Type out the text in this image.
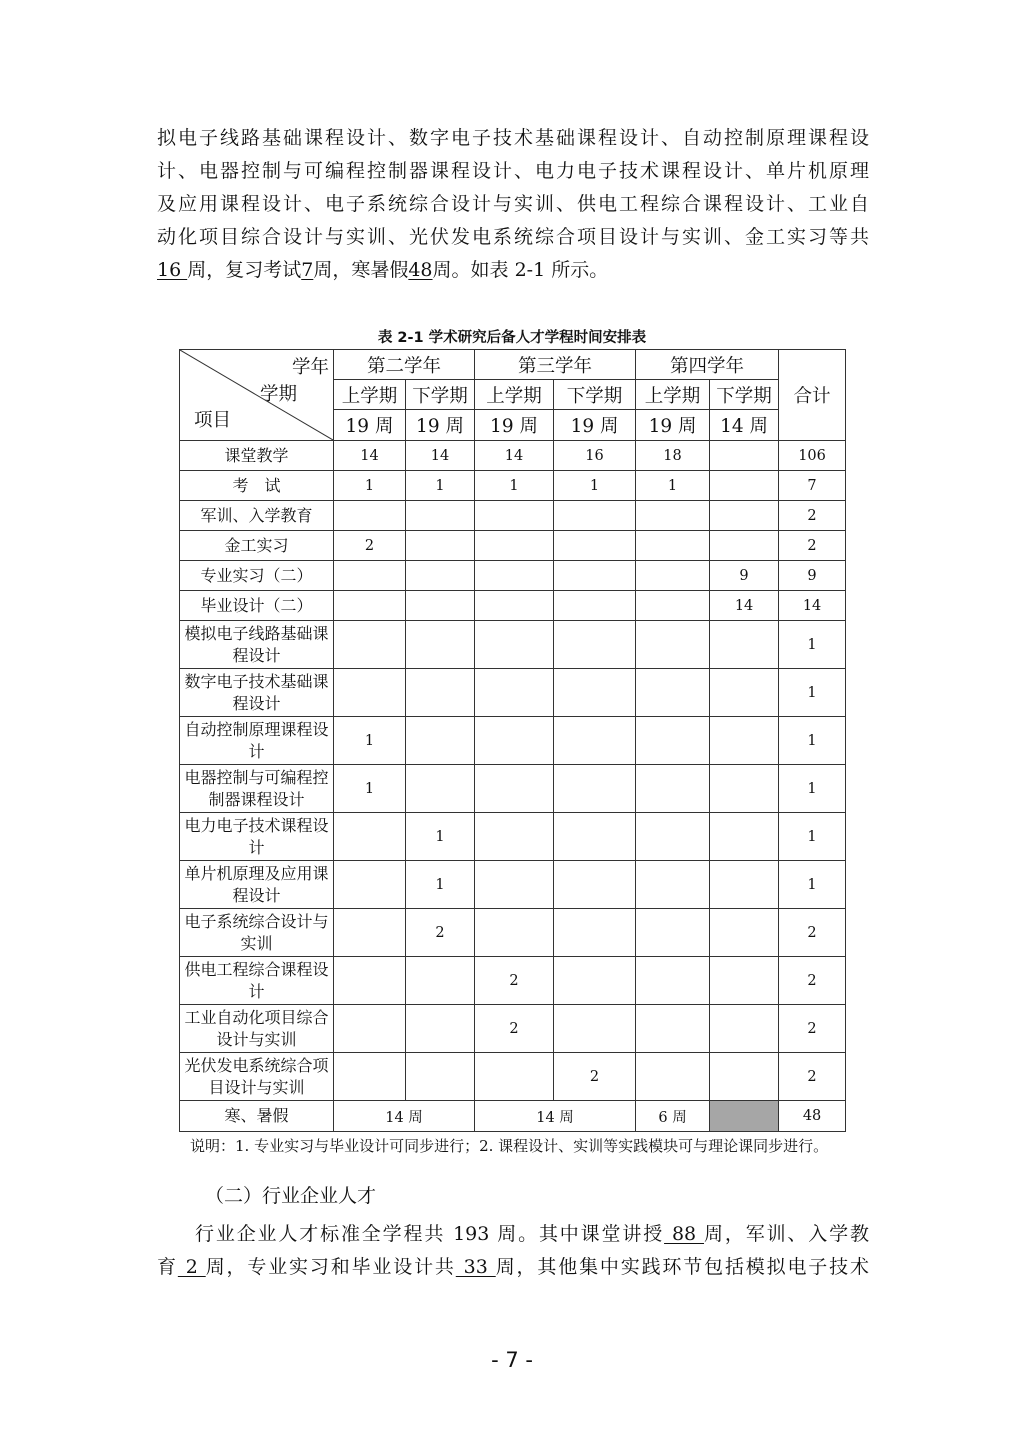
拟电子线路基础课程设计、数字电子技术基础课程设计、自动控制原理课程设
计、电器控制与可编程控制器课程设计、电力电子技术课程设计、单片机原理
及应用课程设计、电子系统综合设计与实训、供电工程综合课程设计、工业自
动化项目综合设计与实训、光伏发电系统综合项目设计与实训、金工实习等共
16 周，复习考试7周，寒暑假48周。如表 2-1 所示。
表 2-1 学术研究后备人才学程时间安排表
学年
学期
项目	第二学年		第三学年		第四学年		合计
	上学期	下学期	上学期	下学期	上学期	下学期	
	19 周	19 周	19 周	19 周	19 周	14 周	
课堂教学	14	14	14	16	18		106
考　试	1	1	1	1	1		7
军训、入学教育							2
金工实习	2						2
专业实习（二）						9	9
毕业设计（二）						14	14
模拟电子线路基础课程设计							1
数字电子技术基础课程设计							1
自动控制原理课程设计	1						1
电器控制与可编程控制器课程设计	1						1
电力电子技术课程设计		1					1
单片机原理及应用课程设计		1					1
电子系统综合设计与实训		2					2
供电工程综合课程设计			2				2
工业自动化项目综合设计与实训			2				2
光伏发电系统综合项目设计与实训				2			2
寒、暑假	14 周		14 周		6 周		48

说明：1. 专业实习与毕业设计可同步进行；2. 课程设计、实训等实践模块可与理论课同步进行。

（二）行业企业人才

行业企业人才标准全学程共 193 周。其中课堂讲授 88 周，军训、入学教
育 2 周，专业实习和毕业设计共 33 周，其他集中实践环节包括模拟电子技术
- 7 -
